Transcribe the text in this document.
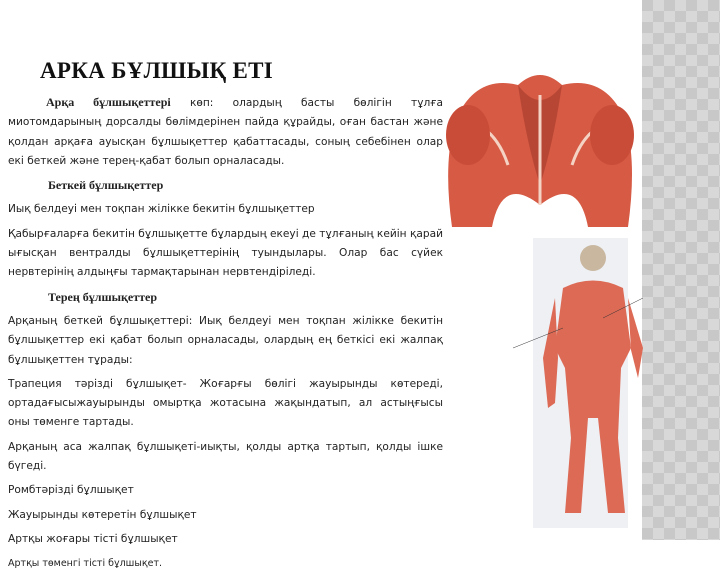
АРКА БҰЛШЫҚ ЕТІ

Арқа бұлшықеттері көп: олардың басты бөлігін тұлға миотомдарының дорсалды бөлімдерінен пайда құрайды, оған бастан және қолдан арқаға ауысқан бұлшықеттер қабаттасады, соның себебінен олар екі беткей және терең-қабат болып орналасады.

Беткей бұлшықеттер

Иық белдеуі мен тоқпан жілікке бекитін бұлшықеттер

Қабырғаларға бекитін бұлшықетте бұлардың екеуі де тұлғаның кейін қарай ығысқан вентралды бұлшықеттерінің туындылары. Олар бас сүйек нервтерінің алдыңғы тармақтарынан нервтендіріледі.

Терең бұлшықеттер

Арқаның беткей бұлшықеттері: Иық белдеуі мен тоқпан жілікке бекитін бұлшықеттер екі қабат болып орналасады, олардың ең беткісі екі жалпақ бұлшықеттен тұрады:

Трапеция тәрізді бұлшықет- Жоғарғы бөлігі жауырынды көтереді, ортадағысыжауырынды омыртқа жотасына жақындатып, ал астыңғысы оны төменге тартады.

Арқаның аса жалпақ бұлшықеті-иықты, қолды артқа тартып, қолды ішке бүгеді.

Ромбтәрізді бұлшықет

Жауырынды көтеретін бұлшықет

Артқы жоғары тісті бұлшықет

Артқы төменгі тісті бұлшықет.
